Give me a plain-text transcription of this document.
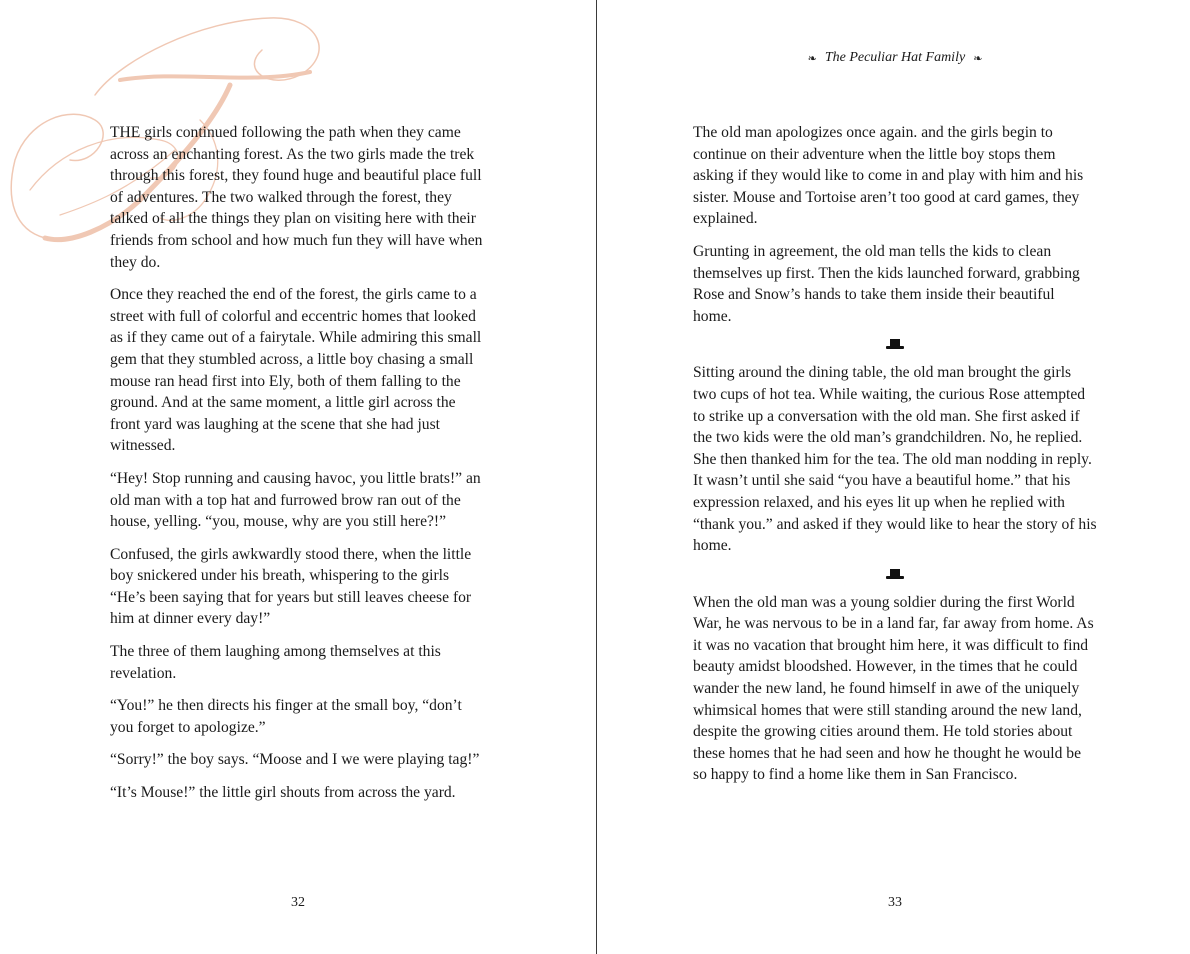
THE girls continued following the path when they came across an enchanting forest. As the two girls made the trek through this forest, they found huge and beautiful place full of adventures. The two walked through the forest, they talked of all the things they plan on visiting here with their friends from school and how much fun they will have when they do.

Once they reached the end of the forest, the girls came to a street with full of colorful and eccentric homes that looked as if they came out of a fairytale. While admiring this small gem that they stumbled across, a little boy chasing a small mouse ran head first into Ely, both of them falling to the ground. And at the same moment, a little girl across the front yard was laughing at the scene that she had just witnessed.

“Hey! Stop running and causing havoc, you little brats!” an old man with a top hat and furrowed brow ran out of the house, yelling. “you, mouse, why are you still here?!”

Confused, the girls awkwardly stood there, when the little boy snickered under his breath, whispering to the girls “He’s been saying that for years but still leaves cheese for him at dinner every day!”

The three of them laughing among themselves at this revelation.

“You!” he then directs his finger at the small boy, “don’t you forget to apologize.”

“Sorry!” the boy says. “Moose and I we were playing tag!”

“It’s Mouse!” the little girl shouts from across the yard.

32
❧ The Peculiar Hat Family ❧

The old man apologizes once again. and the girls begin to continue on their adventure when the little boy stops them asking if they would like to come in and play with him and his sister. Mouse and Tortoise aren’t too good at card games, they explained.

Grunting in agreement, the old man tells the kids to clean themselves up first. Then the kids launched forward, grabbing Rose and Snow’s hands to take them inside their beautiful home.

Sitting around the dining table, the old man brought the girls two cups of hot tea. While waiting, the curious Rose attempted to strike up a conversation with the old man. She first asked if the two kids were the old man’s grandchildren. No, he replied. She then thanked him for the tea. The old man nodding in reply. It wasn’t until she said “you have a beautiful home.” that his expression relaxed, and his eyes lit up when he replied with “thank you.” and asked if they would like to hear the story of his home.

When the old man was a young soldier during the first World War, he was nervous to be in a land far, far away from home. As it was no vacation that brought him here, it was difficult to find beauty amidst bloodshed. However, in the times that he could wander the new land, he found himself in awe of the uniquely whimsical homes that were still standing around the new land, despite the growing cities around them. He told stories about these homes that he had seen and how he thought he would be so happy to find a home like them in San Francisco.

33
